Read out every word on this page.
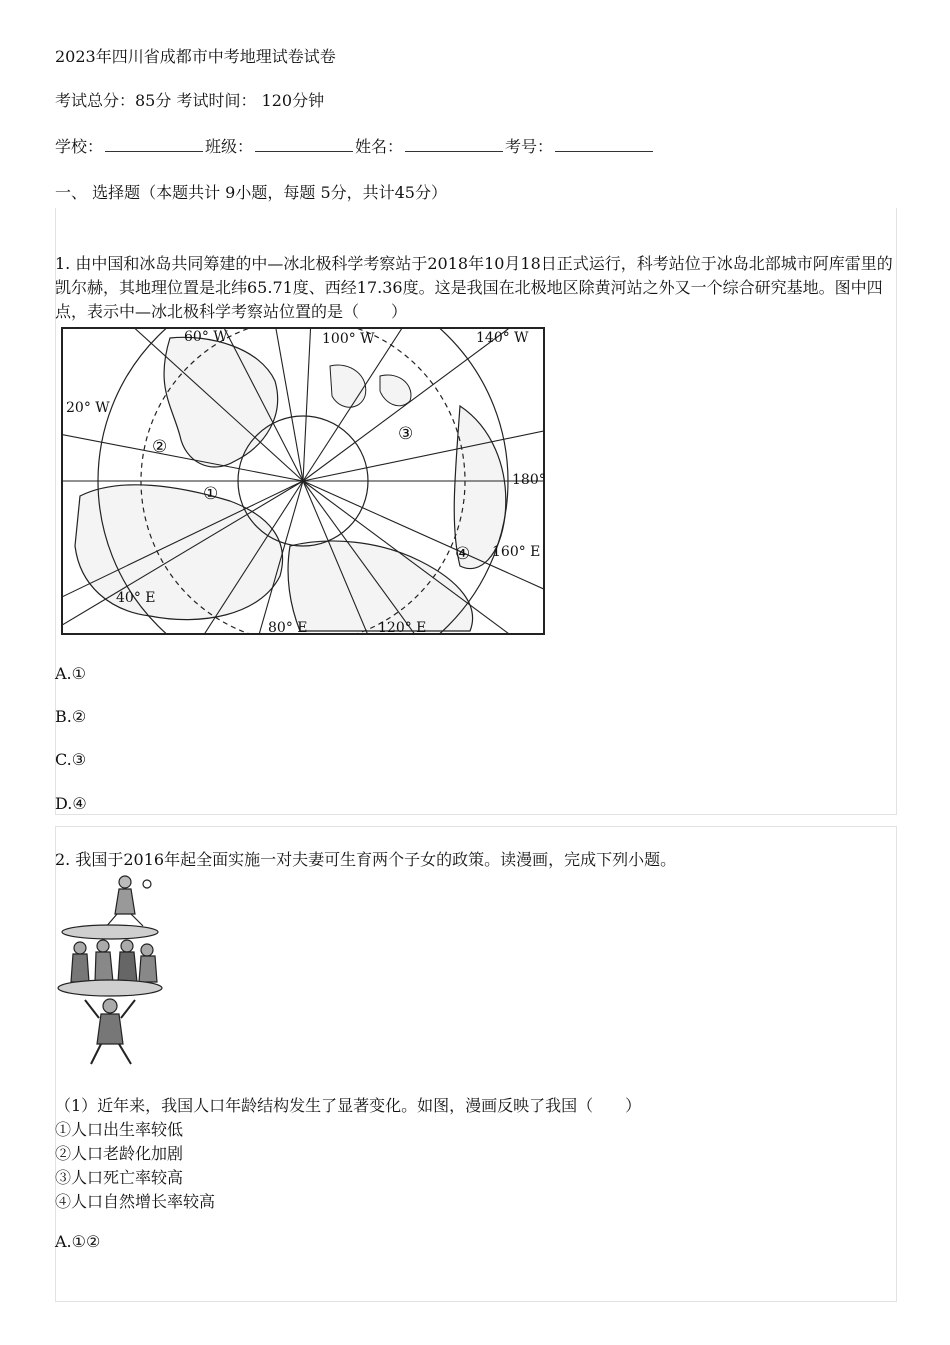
2023年四川省成都市中考地理试卷试卷
考试总分：85分 考试时间： 120分钟
学校：	班级：	姓名：	考号：
一、 选择题（本题共计 9小题，每题 5分，共计45分）
1. 由中国和冰岛共同筹建的中—冰北极科学考察站于2018年10月18日正式运行，科考站位于冰岛北部城市阿库雷里的凯尔赫，其地理位置是北纬65.71度、西经17.36度。这是我国在北极地区除黄河站之外又一个综合研究基地。图中四点，表示中—冰北极科学考察站位置的是（　　）
60° W	100° W	140° W
20° W
180°
160° E
40° E
80° E	120° E
①
②
③
④
A.①
B.②
C.③
D.④
2. 我国于2016年起全面实施一对夫妻可生育两个子女的政策。读漫画，完成下列小题。
（1）近年来，我国人口年龄结构发生了显著变化。如图，漫画反映了我国（　　）
①人口出生率较低
②人口老龄化加剧
③人口死亡率较高
④人口自然增长率较高
A.①②
